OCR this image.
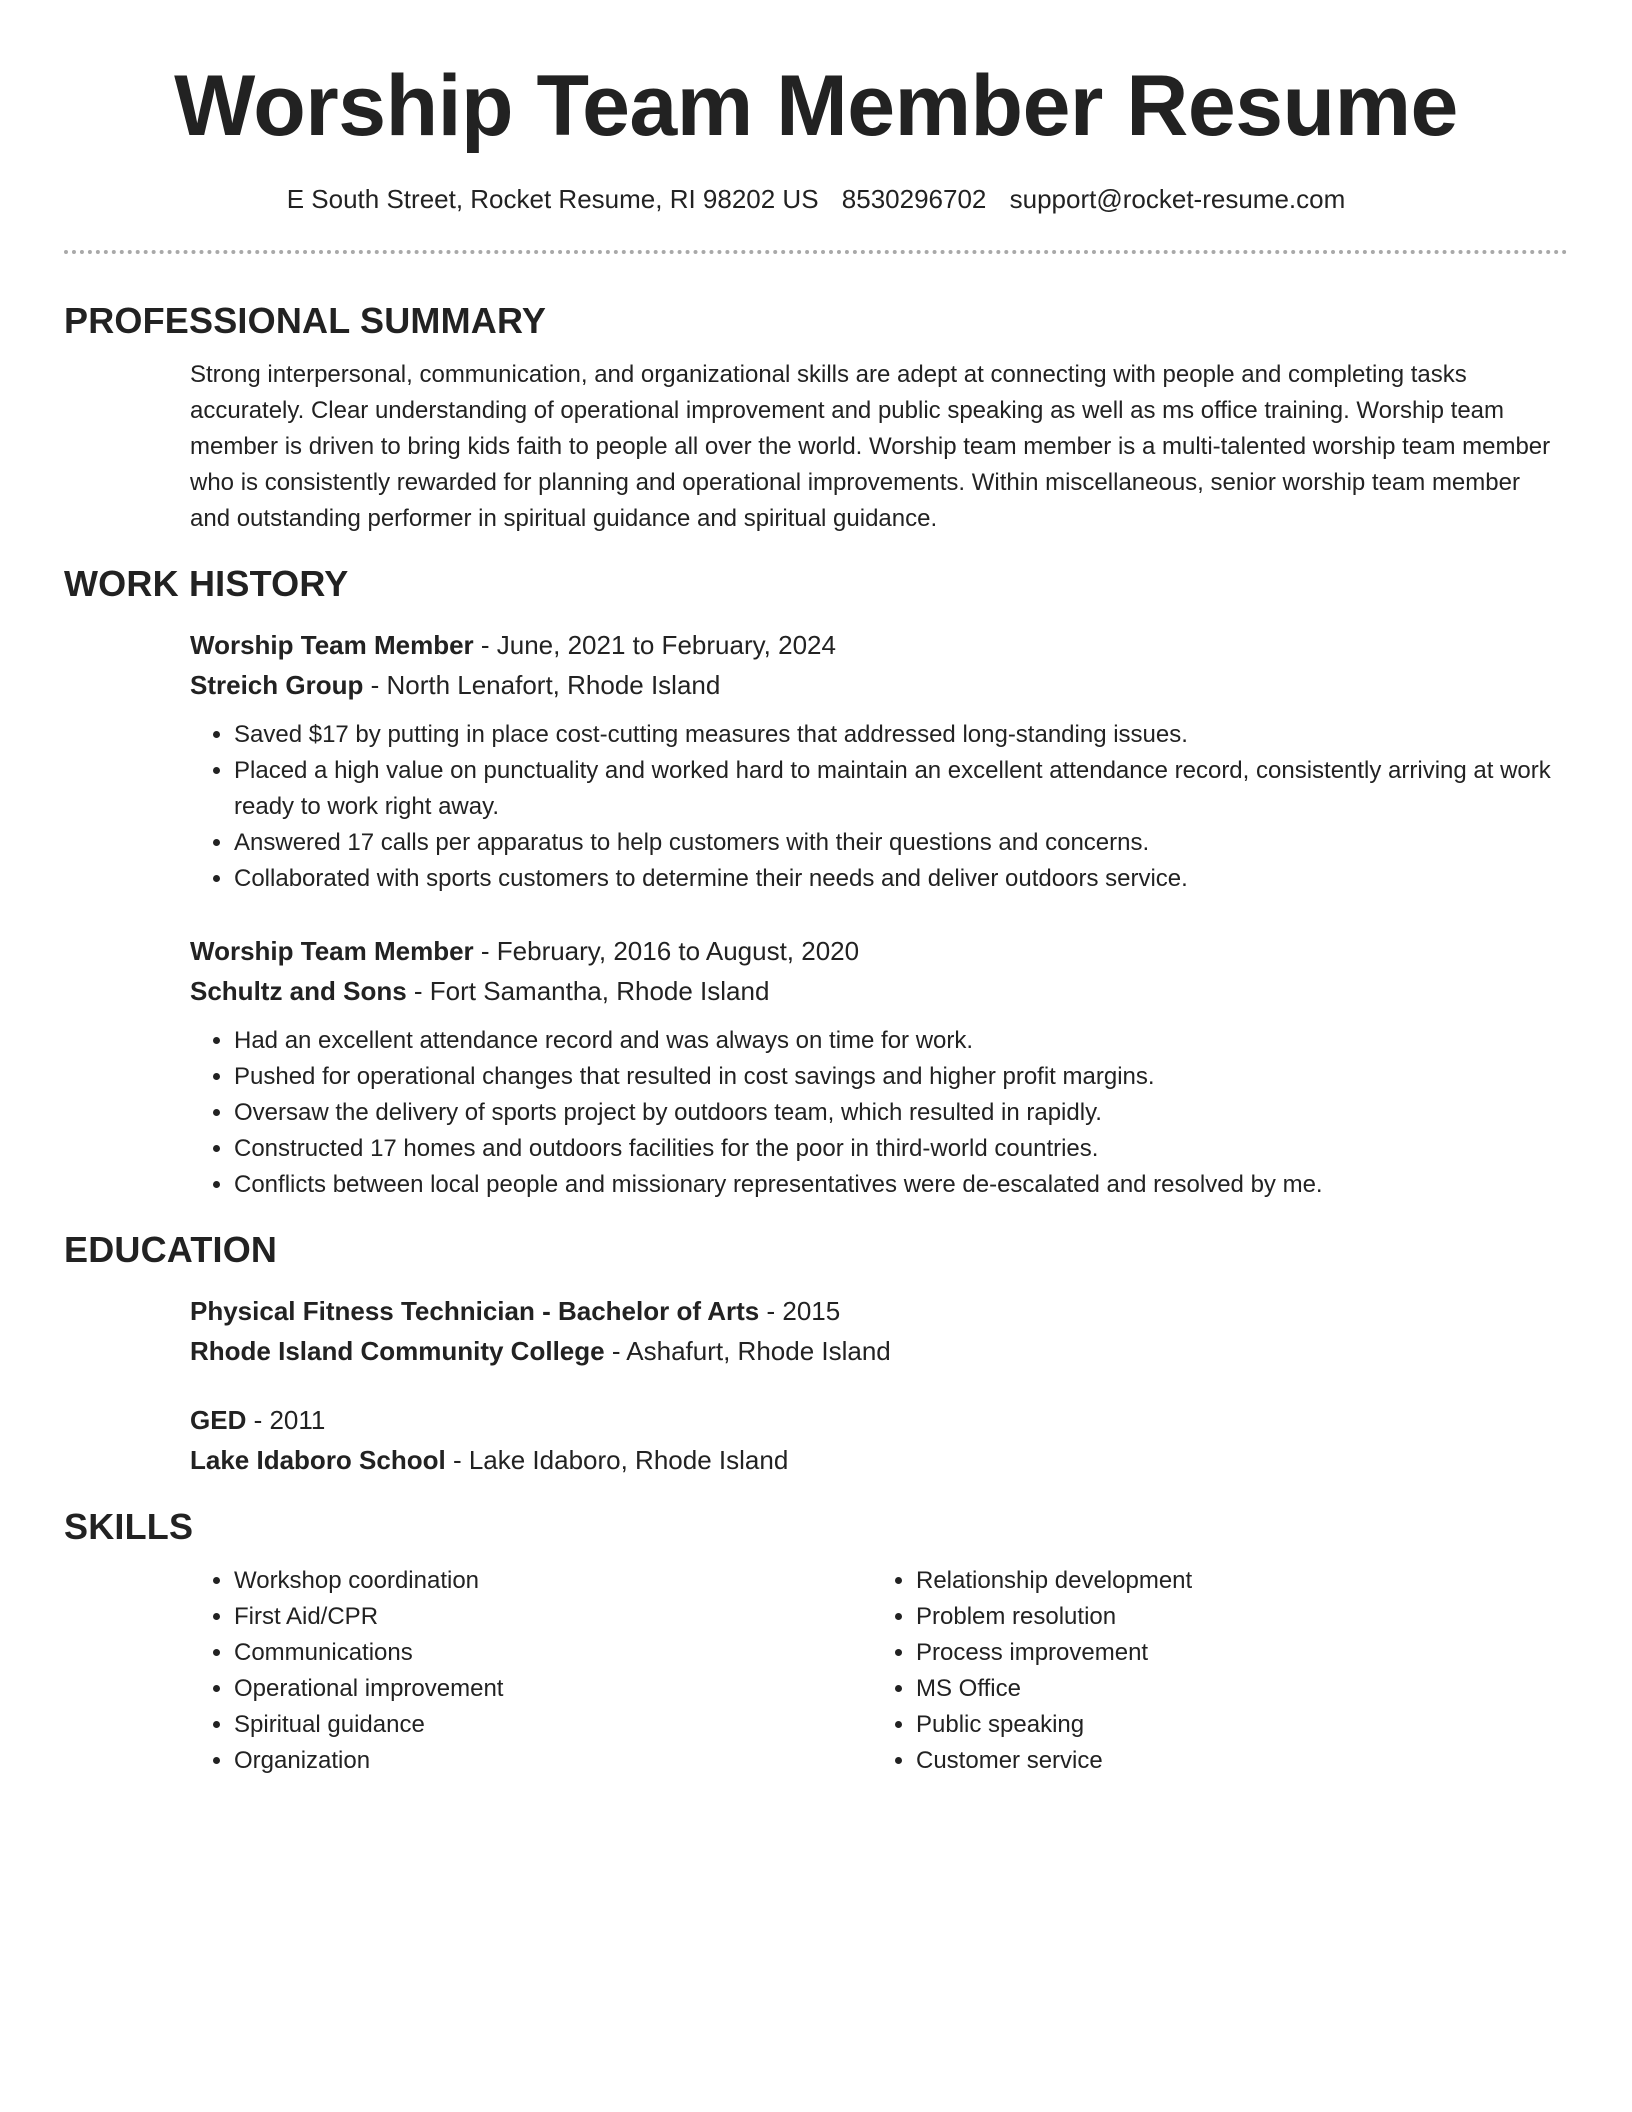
Worship Team Member Resume
E South Street, Rocket Resume, RI 98202 US 8530296702 support@rocket-resume.com
PROFESSIONAL SUMMARY

Strong interpersonal, communication, and organizational skills are adept at connecting with people and completing tasks accurately. Clear understanding of operational improvement and public speaking as well as ms office training. Worship team member is driven to bring kids faith to people all over the world. Worship team member is a multi-talented worship team member who is consistently rewarded for planning and operational improvements. Within miscellaneous, senior worship team member and outstanding performer in spiritual guidance and spiritual guidance.

WORK HISTORY
Worship Team Member - June, 2021 to February, 2024
Streich Group - North Lenafort, Rhode Island
• Saved $17 by putting in place cost-cutting measures that addressed long-standing issues.
• Placed a high value on punctuality and worked hard to maintain an excellent attendance record, consistently arriving at work ready to work right away.
• Answered 17 calls per apparatus to help customers with their questions and concerns.
• Collaborated with sports customers to determine their needs and deliver outdoors service.
Worship Team Member - February, 2016 to August, 2020
Schultz and Sons - Fort Samantha, Rhode Island
• Had an excellent attendance record and was always on time for work.
• Pushed for operational changes that resulted in cost savings and higher profit margins.
• Oversaw the delivery of sports project by outdoors team, which resulted in rapidly.
• Constructed 17 homes and outdoors facilities for the poor in third-world countries.
• Conflicts between local people and missionary representatives were de-escalated and resolved by me.
EDUCATION
Physical Fitness Technician - Bachelor of Arts - 2015
Rhode Island Community College - Ashafurt, Rhode Island
GED - 2011
Lake Idaboro School - Lake Idaboro, Rhode Island
SKILLS
• Workshop coordination
• First Aid/CPR
• Communications
• Operational improvement
• Spiritual guidance
• Organization
• Relationship development
• Problem resolution
• Process improvement
• MS Office
• Public speaking
• Customer service
